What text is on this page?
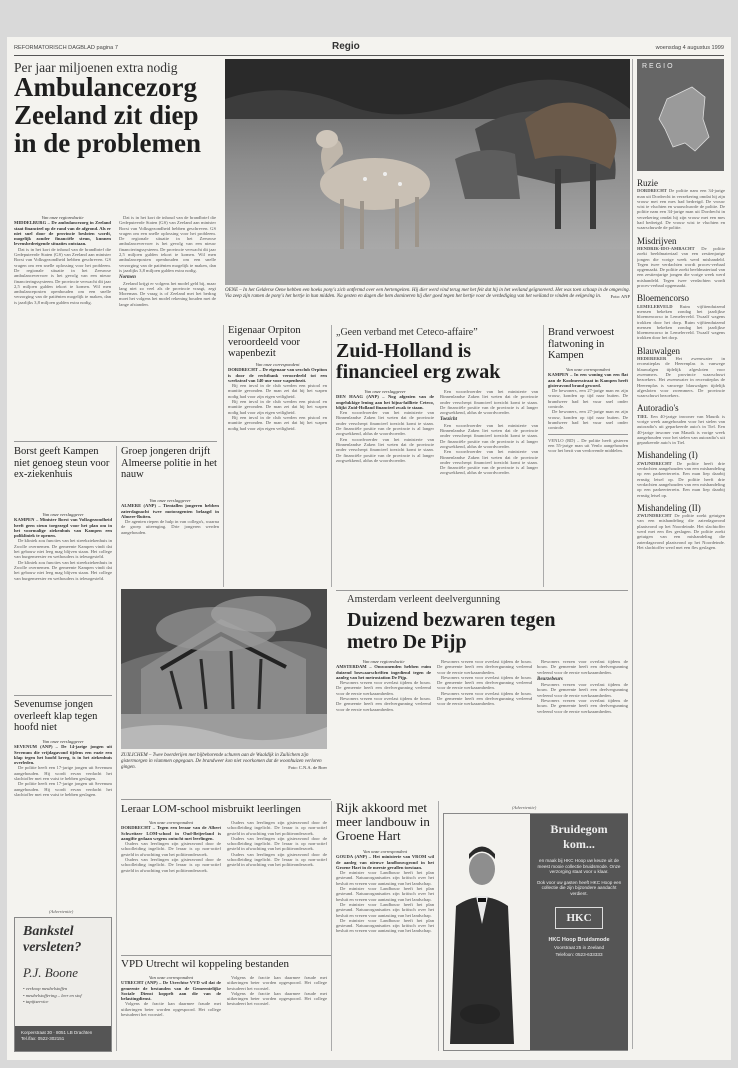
REFORMATORISCH DAGBLAD pagina 7	Regio	woensdag 4 augustus 1999
Per jaar miljoenen extra nodig
Ambulancezorg Zeeland zit diep in de problemen
Van onze regioredactie
MIDDELBURG – De ambulancezorg in Zeeland staat financieel op de rand van de afgrond. Als er niet snel door de provincie besloten wordt, mogelijk zonder financiële steun, kunnen levensbedreigende situaties ontstaan.

Dat is in het kort de inhoud van de brandbrief die Gedeputeerde Staten (GS) van Zeeland aan minister Borst van Volksgezondheid hebben geschreven. GS vragen om een snelle oplossing voor het probleem. De regionale situatie in het Zeeuwse ambulancevervoer is het gevolg van een nieuw financieringssysteem. De provincie verwacht dit jaar 2,5 miljoen gulden tekort te komen. Wil men ambulanceposten openhouden om een snelle verzorging van de patiënten mogelijk te maken, dan is jaarlijks 3,8 miljoen gulden extra nodig.

Dat is in het kort de inhoud van de brandbrief die Gedeputeerde Staten (GS) van Zeeland aan minister Borst van Volksgezondheid hebben geschreven. GS vragen om een snelle oplossing voor het probleem. De regionale situatie in het Zeeuwse ambulancevervoer is het gevolg van een nieuw financieringssysteem. De provincie verwacht dit jaar 2,5 miljoen gulden tekort te komen. Wil men ambulanceposten openhouden om een snelle verzorging van de patiënten mogelijk te maken, dan is jaarlijks 3,8 miljoen gulden extra nodig.

Normen

Zeeland krijgt er volgens het model geld bij, maar lang niet zo veel als de provincie vraagt, zegt Moreman. De vraag is of Zeeland met het bedrag moet het volgens het model rekening houden met de lange afstanden.

OENE – In het Gelderse Oene hebben een hoeks pony's zich ontfermd over een hertengeiten. Hij dier werd vind terug met het feit dat hij in het weiland geïgnoreerd. Het was toen schaap in de omgeving. Via zeep zijn ramen de pony's het hertje in hun midden. Na gesten en dagen die hem domineren hij dier goed tegen het hertje voor de verdediging van het weiland te vinden de eelgeving in. Foto: ANP
REGIO
Ruzie
DORDRECHT De politie nam een 34-jarige man uit Dordrecht in verzekering omdat hij zijn vrouw met een mes had bedreigd. De vrouw wist te vluchten en waarschuwde de politie. De politie nam een 34-jarige man uit Dordrecht in verzekering omdat hij zijn vrouw met een mes had bedreigd. De vrouw wist te vluchten en waarschuwde de politie.
Misdrijven
HENDRIK-IDO-AMBACHT De politie zoekt beeldmateriaal van een zestienjarige jongen die vorige week werd mishandeld. Tegen twee verdachten wordt proces-verbaal opgemaakt. De politie zoekt beeldmateriaal van een zestienjarige jongen die vorige week werd mishandeld. Tegen twee verdachten wordt proces-verbaal opgemaakt.
Bloemencorso
LEMELERVELD Ruim vijftienduizend mensen bekeken zondag het jaarlijkse bloemencorso in Lemelerveld. Twaalf wagens trokken door het dorp. Ruim vijftienduizend mensen bekeken zondag het jaarlijkse bloemencorso in Lemelerveld. Twaalf wagens trokken door het dorp.
Blauwalgen
HEDEREKER Het zwemwater in recreatieplas de Heerenplas is vanwege blauwalgen tijdelijk afgesloten voor zwemmers. De provincie waarschuwt bezoekers. Het zwemwater in recreatieplas de Heerenplas is vanwege blauwalgen tijdelijk afgesloten voor zwemmers. De provincie waarschuwt bezoekers.
Autoradio's
TIEL Een 40-jarige inwoner van Maurik is vorige week aangehouden voor het stelen van autoradio's uit geparkeerde auto's in Tiel. Een 40-jarige inwoner van Maurik is vorige week aangehouden voor het stelen van autoradio's uit geparkeerde auto's in Tiel.
Mishandeling (I)
ZWIJNDRECHT De politie heeft drie verdachten aangehouden van een mishandeling op een parkeerterrein. Een man liep daarbij ernstig letsel op. De politie heeft drie verdachten aangehouden van een mishandeling op een parkeerterrein. Een man liep daarbij ernstig letsel op.
Mishandeling (II)
ZWIJNDRECHT De politie zoekt getuigen van een mishandeling die zaterdagavond plaatsvond op het Noordeinde. Het slachtoffer werd met een fles geslagen. De politie zoekt getuigen van een mishandeling die zaterdagavond plaatsvond op het Noordeinde. Het slachtoffer werd met een fles geslagen.
Borst geeft Kampen niet genoeg steun voor ex-ziekenhuis
Van onze verslaggever
KAMPEN – Minister Borst van Volksgezondheid heeft geen steun toegezegd voor het plan om in het voormalige ziekenhuis van Kampen een polikliniek te openen.

De kliniek zou functies van het streekziekenhuis in Zwolle overnemen. De gemeente Kampen vindt dat het gebouw niet leeg mag blijven staan. Het college van burgemeester en wethouders is teleurgesteld.

De kliniek zou functies van het streekziekenhuis in Zwolle overnemen. De gemeente Kampen vindt dat het gebouw niet leeg mag blijven staan. Het college van burgemeester en wethouders is teleurgesteld.

Sevenumse jongen overleeft klap tegen hoofd niet
Van onze verslaggever
SEVENUM (ANP) – De 14-jarige jongen uit Sevenum die vrijdagavond tijdens een ruzie een klap tegen het hoofd kreeg, is in het ziekenhuis overleden.

De politie heeft een 17-jarige jongen uit Sevenum aangehouden. Hij wordt ervan verdacht het slachtoffer met een vuist te hebben geslagen.

De politie heeft een 17-jarige jongen uit Sevenum aangehouden. Hij wordt ervan verdacht het slachtoffer met een vuist te hebben geslagen.

(Advertentie)
Bankstel
versleten?
P.J. Boone
• verkoop meubelstoffen
• meubelstoffering – leer en stof
• tapijtservice
Korperstraat 30 · 8051 LB Drachten
Tel./fax: 0522-302151
Groep jongeren drijft Almeerse politie in het nauw
Van onze verslaggever
ALMERE (ANP) – Tientallen jongeren hebben zaterdagnacht twee motoragenten belaagd in Almere-Buiten.

De agenten riepen de hulp in van collega's, waarna de groep uiteenging. Drie jongeren werden aangehouden.

ZUILICHEM – Twee boerderijen met bijbehorende schuren aan de Waaldijk in Zuilichem zijn gistermorgen in vlammen opgegaan. De brandweer kon niet voorkomen dat de woonhuizen verloren gingen.	Foto: C.N.A. de Boer
Eigenaar Orpiton veroordeeld voor wapenbezit
Van onze correspondent
DORDRECHT – De eigenaar van sexclub Orpiton is door de rechtbank veroordeeld tot een werkstraf van 140 uur voor wapenbezit.

Bij een inval in de club werden een pistool en munitie gevonden. De man zei dat hij het wapen nodig had voor zijn eigen veiligheid.

Bij een inval in de club werden een pistool en munitie gevonden. De man zei dat hij het wapen nodig had voor zijn eigen veiligheid.

Bij een inval in de club werden een pistool en munitie gevonden. De man zei dat hij het wapen nodig had voor zijn eigen veiligheid.

„Geen verband met Ceteco-affaire”
Zuid-Holland is financieel erg zwak
Van onze verslaggever
DEN HAAG (ANP) – Nog afgezien van de ongelukkige lening aan het bijna-failliete Ceteco, blijkt Zuid-Holland financieel zwak te staan.

Een woordvoerder van het ministerie van Binnenlandse Zaken liet weten dat de provincie onder verscherpt financieel toezicht komt te staan. De financiële positie van de provincie is al langer zorgwekkend, aldus de woordvoerder.

Een woordvoerder van het ministerie van Binnenlandse Zaken liet weten dat de provincie onder verscherpt financieel toezicht komt te staan. De financiële positie van de provincie is al langer zorgwekkend, aldus de woordvoerder.

Een woordvoerder van het ministerie van Binnenlandse Zaken liet weten dat de provincie onder verscherpt financieel toezicht komt te staan. De financiële positie van de provincie is al langer zorgwekkend, aldus de woordvoerder.

Toezicht

Een woordvoerder van het ministerie van Binnenlandse Zaken liet weten dat de provincie onder verscherpt financieel toezicht komt te staan. De financiële positie van de provincie is al langer zorgwekkend, aldus de woordvoerder.

Een woordvoerder van het ministerie van Binnenlandse Zaken liet weten dat de provincie onder verscherpt financieel toezicht komt te staan. De financiële positie van de provincie is al langer zorgwekkend, aldus de woordvoerder.

Brand verwoest flatwoning in Kampen
Van onze correspondent
KAMPEN – In een woning van een flat aan de Koolmeesstraat in Kampen heeft gisteravond brand gewoed.

De bewoners, een 27-jarige man en zijn vrouw, konden op tijd naar buiten. De brandweer had het vuur snel onder controle.

De bewoners, een 27-jarige man en zijn vrouw, konden op tijd naar buiten. De brandweer had het vuur snel onder controle.

VENLO (RD) – De politie heeft gisteren een 55-jarige man uit Venlo aangehouden voor het bezit van verdovende middelen.
Amsterdam verleent deelvergunning
Duizend bezwaren tegen metro De Pijp
Van onze regioredactie
AMSTERDAM – Omwonenden hebben ruim duizend bezwaarschriften ingediend tegen de aanleg van het metrostation De Pijp.

Bewoners vrezen voor overlast tijdens de bouw. De gemeente heeft een deelvergunning verleend voor de eerste werkzaamheden.

Bewoners vrezen voor overlast tijdens de bouw. De gemeente heeft een deelvergunning verleend voor de eerste werkzaamheden.

Bewoners vrezen voor overlast tijdens de bouw. De gemeente heeft een deelvergunning verleend voor de eerste werkzaamheden.

Bewoners vrezen voor overlast tijdens de bouw. De gemeente heeft een deelvergunning verleend voor de eerste werkzaamheden.

Bewoners vrezen voor overlast tijdens de bouw. De gemeente heeft een deelvergunning verleend voor de eerste werkzaamheden.

Bewoners vrezen voor overlast tijdens de bouw. De gemeente heeft een deelvergunning verleend voor de eerste werkzaamheden.

Beurzebeurs

Bewoners vrezen voor overlast tijdens de bouw. De gemeente heeft een deelvergunning verleend voor de eerste werkzaamheden.

Bewoners vrezen voor overlast tijdens de bouw. De gemeente heeft een deelvergunning verleend voor de eerste werkzaamheden.

Leraar LOM-school misbruikt leerlingen
Van onze correspondent
DORDRECHT – Tegen een leraar van de Albert Schweitzer LOM-school in Oud-Beijerland is aangifte gedaan wegens ontucht met leerlingen.

Ouders van leerlingen zijn gisteravond door de schoolleiding ingelicht. De leraar is op non-actief gesteld in afwachting van het politieonderzoek.

Ouders van leerlingen zijn gisteravond door de schoolleiding ingelicht. De leraar is op non-actief gesteld in afwachting van het politieonderzoek.

Ouders van leerlingen zijn gisteravond door de schoolleiding ingelicht. De leraar is op non-actief gesteld in afwachting van het politieonderzoek.

Ouders van leerlingen zijn gisteravond door de schoolleiding ingelicht. De leraar is op non-actief gesteld in afwachting van het politieonderzoek.

Ouders van leerlingen zijn gisteravond door de schoolleiding ingelicht. De leraar is op non-actief gesteld in afwachting van het politieonderzoek.

Rijk akkoord met meer landbouw in Groene Hart
Van onze correspondent
GOUDA (ANP) – Het ministerie van VROM wil de aanleg van nieuwe landbouwgrond in het Groene Hart in de meeste gevallen toestaan.

De minister voor Landbouw heeft het plan gesteund. Natuurorganisaties zijn kritisch over het besluit en vrezen voor aantasting van het landschap.

De minister voor Landbouw heeft het plan gesteund. Natuurorganisaties zijn kritisch over het besluit en vrezen voor aantasting van het landschap.

De minister voor Landbouw heeft het plan gesteund. Natuurorganisaties zijn kritisch over het besluit en vrezen voor aantasting van het landschap.

De minister voor Landbouw heeft het plan gesteund. Natuurorganisaties zijn kritisch over het besluit en vrezen voor aantasting van het landschap.

(Advertentie)
Bruidegom kom...
en maak bij HKC Hoop uw keuze uit de meest mooie collectie bruidsmode. Onze verzorging staat voor u klaar.
Ook voor uw gasten heeft HKC Hoop een collectie die zijn bijzondere aandacht verdient.
HKC
HKC Hoop Bruidsmode
Voorstraat 25 in Zeeland
Telefoon: 0523-633333
VPD Utrecht wil koppeling bestanden
Van onze correspondent
UTRECHT (ANP) – De Utrechtse VVD wil dat de gemeente de bestanden van de Gemeentelijke Sociale Dienst koppelt aan die van de belastingdienst.

Volgens de fractie kan daarmee fraude met uitkeringen beter worden opgespoord. Het college bestudeert het voorstel.

Volgens de fractie kan daarmee fraude met uitkeringen beter worden opgespoord. Het college bestudeert het voorstel.

Volgens de fractie kan daarmee fraude met uitkeringen beter worden opgespoord. Het college bestudeert het voorstel.
